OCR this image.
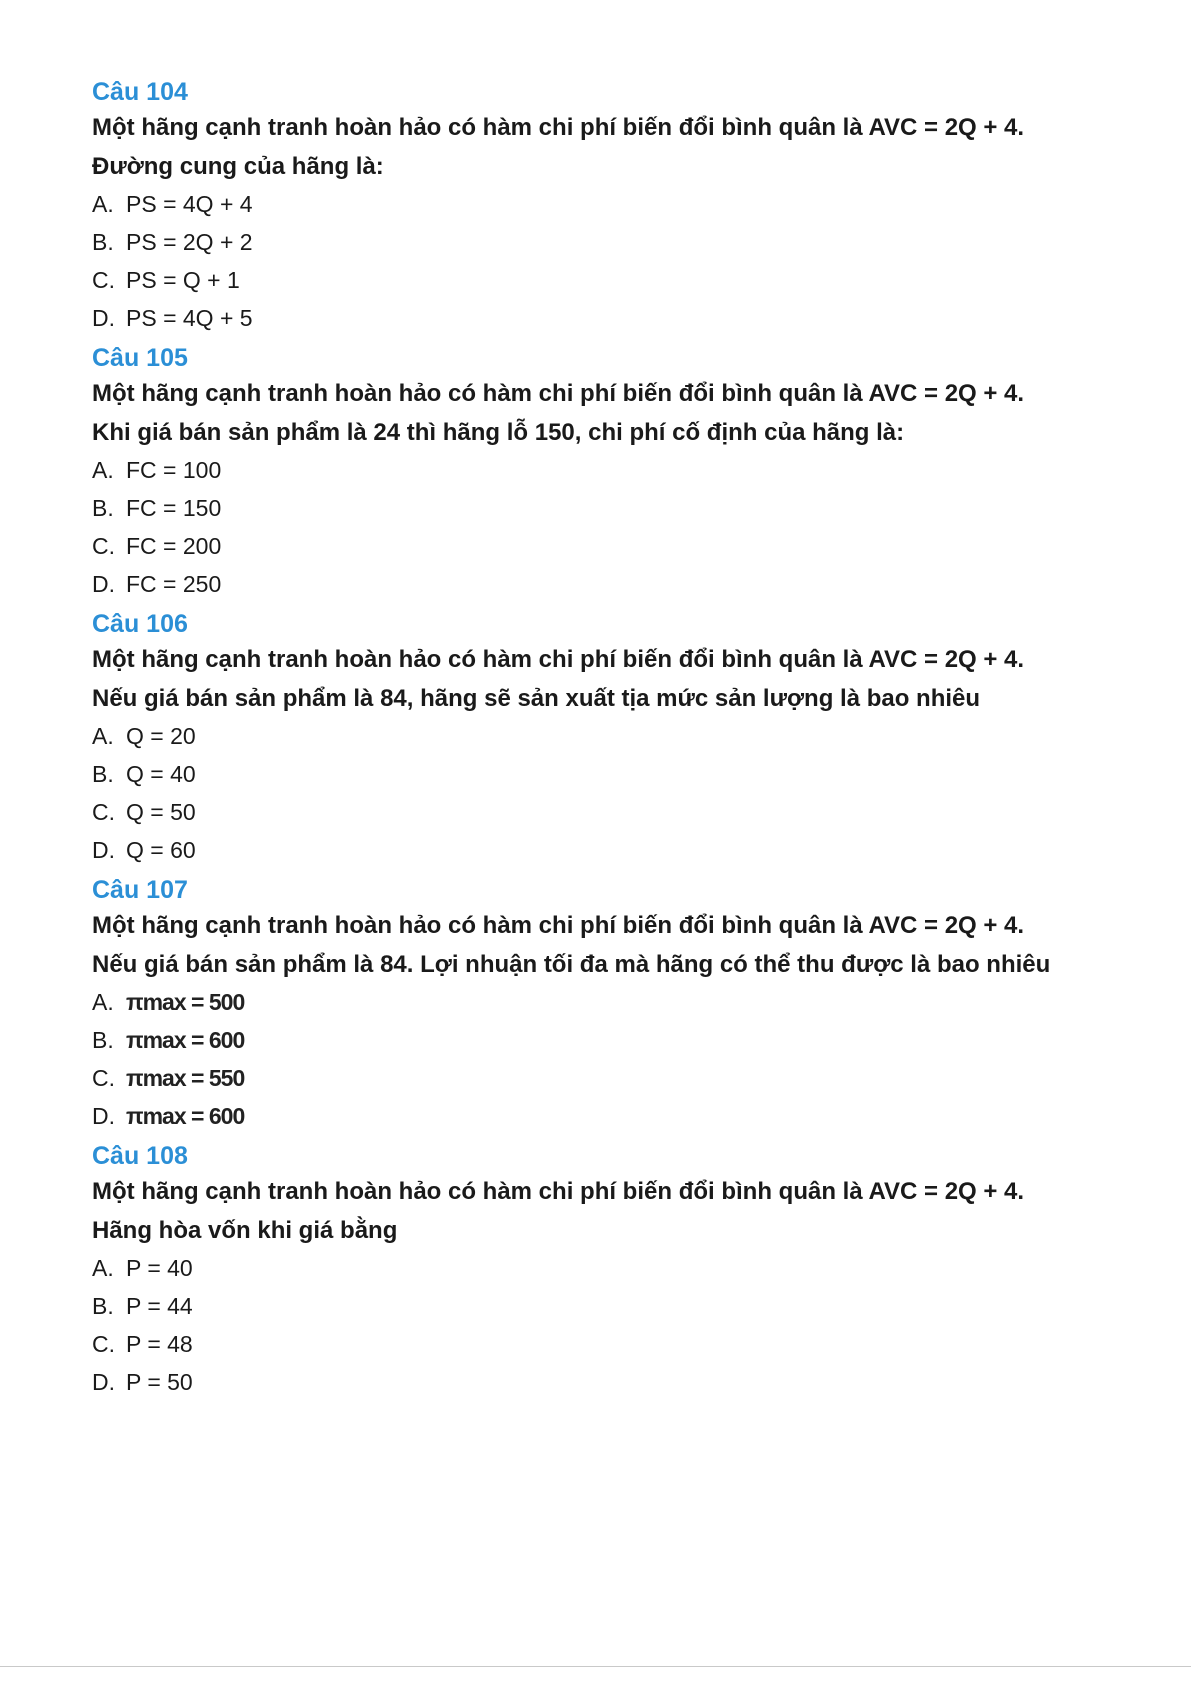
Câu 104
Một hãng cạnh tranh hoàn hảo có hàm chi phí biến đổi bình quân là AVC = 2Q + 4.
Đường cung của hãng là:
A. PS = 4Q + 4
B. PS = 2Q + 2
C. PS = Q + 1
D. PS = 4Q + 5
Câu 105
Một hãng cạnh tranh hoàn hảo có hàm chi phí biến đổi bình quân là AVC = 2Q + 4.
Khi giá bán sản phẩm là 24 thì hãng lỗ 150, chi phí cố định của hãng là:
A. FC = 100
B. FC = 150
C. FC = 200
D. FC = 250
Câu 106
Một hãng cạnh tranh hoàn hảo có hàm chi phí biến đổi bình quân là AVC = 2Q + 4.
Nếu giá bán sản phẩm là 84, hãng sẽ sản xuất tịa mức sản lượng là bao nhiêu
A. Q = 20
B. Q = 40
C. Q = 50
D. Q = 60
Câu 107
Một hãng cạnh tranh hoàn hảo có hàm chi phí biến đổi bình quân là AVC = 2Q + 4.
Nếu giá bán sản phẩm là 84. Lợi nhuận tối đa mà hãng có thể thu được là bao nhiêu
A. πmax = 500
B. πmax = 600
C. πmax = 550
D. πmax = 600
Câu 108
Một hãng cạnh tranh hoàn hảo có hàm chi phí biến đổi bình quân là AVC = 2Q + 4.
Hãng hòa vốn khi giá bằng
A. P = 40
B. P = 44
C. P = 48
D. P = 50
